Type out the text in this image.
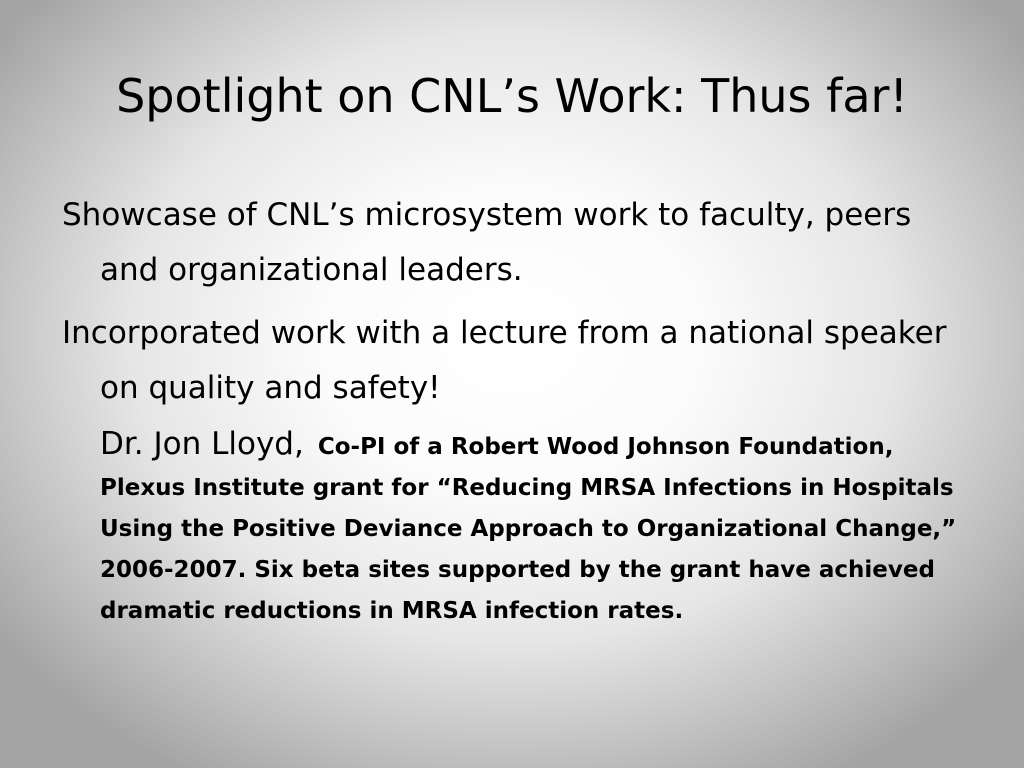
Spotlight on CNL’s Work: Thus far!

Showcase of CNL’s microsystem work to faculty, peers and organizational leaders.

Incorporated work with a lecture from a national speaker on quality and safety!

Dr. Jon Lloyd, Co-PI of a Robert Wood Johnson Foundation, Plexus Institute grant for “Reducing MRSA Infections in Hospitals Using the Positive Deviance Approach to Organizational Change,” 2006-2007. Six beta sites supported by the grant have achieved dramatic reductions in MRSA infection rates.
